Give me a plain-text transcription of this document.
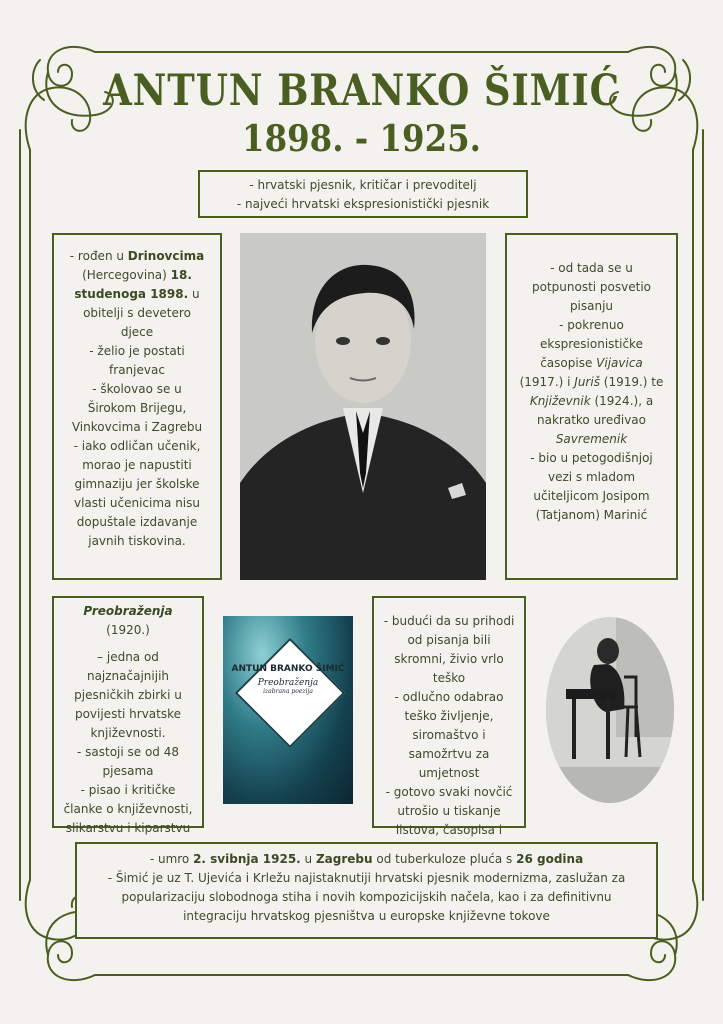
ANTUN BRANKO ŠIMIĆ
1898. - 1925.

- hrvatski pjesnik, kritičar i prevoditelj

- najveći hrvatski ekspresionistički pjesnik

- rođen u Drinovcima (Hercegovina) 18. studenoga 1898. u obitelji s devetero djece

- želio je postati franjevac

- školovao se u Širokom Brijegu, Vinkovcima i Zagrebu

- iako odličan učenik, morao je napustiti gimnaziju jer školske vlasti učenicima nisu dopuštale izdavanje javnih tiskovina.

- od tada se u potpunosti posvetio pisanju

- pokrenuo ekspresionističke časopise Vijavica (1917.) i Juriš (1919.) te Književnik (1924.), a nakratko uređivao Savremenik

- bio u petogodišnjoj vezi s mladom učiteljicom Josipom (Tatjanom) Marinić

Preobraženja (1920.)

– jedna od najznačajnijih pjesničkih zbirki u povijesti hrvatske književnosti.

- sastoji se od 48 pjesama

- pisao i kritičke članke o književnosti, slikarstvu i kiparstvu

ANTUN BRANKO ŠIMIĆ
Preobraženja
izabrana poezija

- budući da su prihodi od pisanja bili skromni, živio vrlo teško

- odlučno odabrao teško življenje, siromaštvo i samožrtvu za umjetnost

- gotovo svaki novčić utrošio u tiskanje listova, časopisa i

- umro 2. svibnja 1925. u Zagrebu od tuberkuloze pluća s 26 godina

- Šimić je uz T. Ujevića i Krležu najistaknutiji hrvatski pjesnik modernizma, zaslužan za popularizaciju slobodnoga stiha i novih kompozicijskih načela, kao i za definitivnu integraciju hrvatskog pjesništva u europske književne tokove
